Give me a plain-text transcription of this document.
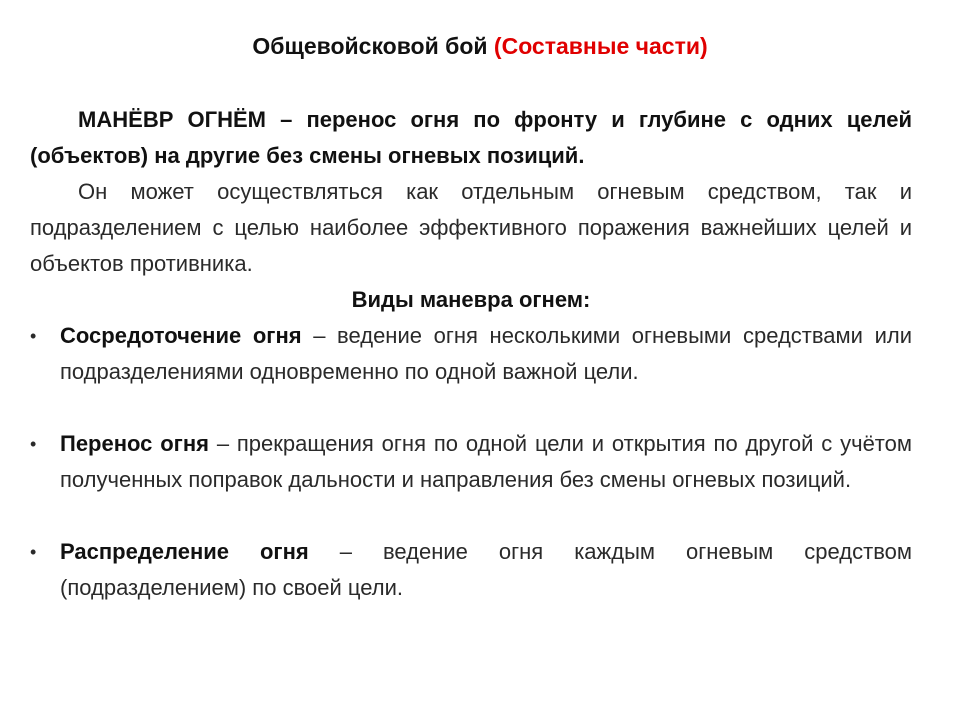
Общевойсковой бой (Составные части)

МАНЁВР ОГНЁМ – перенос огня по фронту и глубине с одних целей (объектов) на другие без смены огневых позиций.

Он может осуществляться как отдельным огневым средством, так и подразделением с целью наиболее эффективного поражения важнейших целей и объектов противника.

Виды маневра огнем:

•	Сосредоточение огня – ведение огня несколькими огневыми средствами или подразделениями одновременно по одной важной цели.
•	Перенос огня – прекращения огня по одной цели и открытия по другой с учётом полученных поправок дальности и направления без смены огневых позиций.
•	Распределение огня – ведение огня каждым огневым средством (подразделением) по своей цели.
